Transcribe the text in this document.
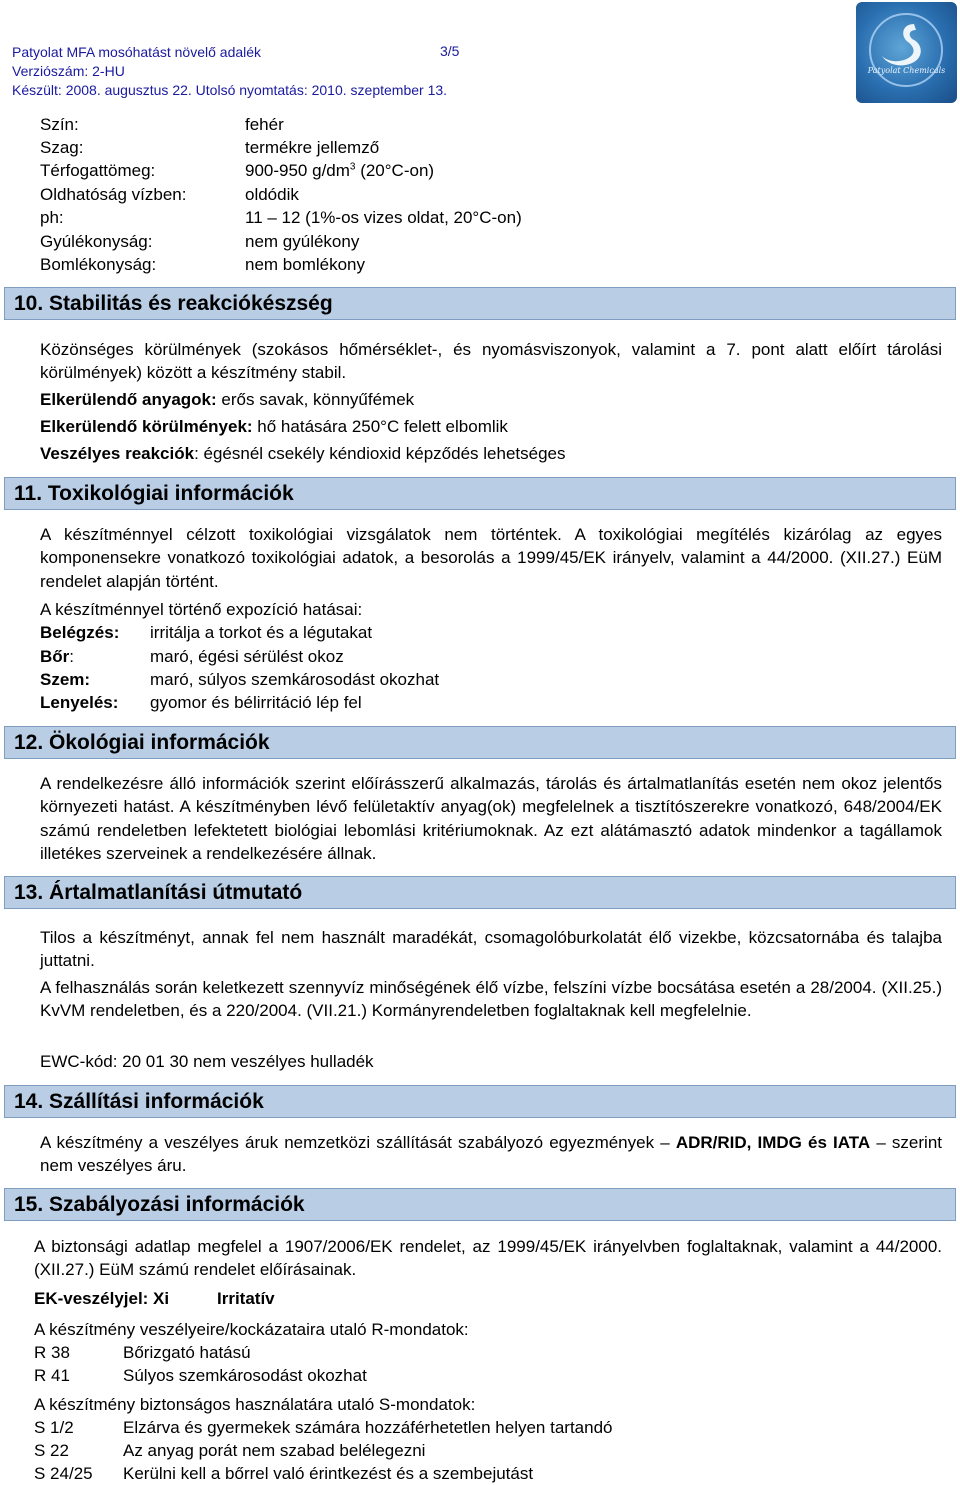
Patyolat MFA mosóhatást növelő adalék	3/5
Verziószám: 2-HU
Készült: 2008. augusztus 22. Utolsó nyomtatás: 2010. szeptember 13.
Patyolat Chemicals
Szín:	fehér
Szag:	termékre jellemző
Térfogattömeg:	900-950 $g/dm^3$ (20°C-on)
Oldhatóság vízben:	oldódik
ph:	11 – 12 (1%-os vizes oldat, 20°C-on)
Gyúlékonyság:	nem gyúlékony
Bomlékonyság:	nem bomlékony
10. Stabilitás és reakciókészség
Közönséges körülmények (szokásos hőmérséklet-, és nyomásviszonyok, valamint a 7. pont alatt előírt tárolási körülmények) között a készítmény stabil.
Elkerülendő anyagok: erős savak, könnyűfémek
Elkerülendő körülmények: hő hatására 250°C felett elbomlik
Veszélyes reakciók: égésnél csekély kéndioxid képződés lehetséges
11. Toxikológiai információk
A készítménnyel célzott toxikológiai vizsgálatok nem történtek. A toxikológiai megítélés kizárólag az egyes komponensekre vonatkozó toxikológiai adatok, a besorolás a 1999/45/EK irányelv, valamint a 44/2000. (XII.27.) EüM rendelet alapján történt.
A készítménnyel történő expozíció hatásai:
Belégzés: irritálja a torkot és a légutakat
Bőr:	maró, égési sérülést okoz
Szem:	maró, súlyos szemkárosodást okozhat
Lenyelés: gyomor és bélirritáció lép fel
12. Ökológiai információk
A rendelkezésre álló információk szerint előírásszerű alkalmazás, tárolás és ártalmatlanítás esetén nem okoz jelentős környezeti hatást. A készítményben lévő felületaktív anyag(ok) megfelelnek a tisztítószerekre vonatkozó, 648/2004/EK számú rendeletben lefektetett biológiai lebomlási kritériumoknak. Az ezt alátámasztó adatok mindenkor a tagállamok illetékes szerveinek a rendelkezésére állnak.
13. Ártalmatlanítási útmutató
Tilos a készítményt, annak fel nem használt maradékát, csomagolóburkolatát élő vizekbe, közcsatornába és talajba juttatni.
A felhasználás során keletkezett szennyvíz minőségének élő vízbe, felszíni vízbe bocsátása esetén a 28/2004. (XII.25.) KvVM rendeletben, és a 220/2004. (VII.21.) Kormányrendeletben foglaltaknak kell megfelelnie.
EWC-kód: 20 01 30 nem veszélyes hulladék
14. Szállítási információk
A készítmény a veszélyes áruk nemzetközi szállítását szabályozó egyezmények – ADR/RID, IMDG és IATA – szerint nem veszélyes áru.
15. Szabályozási információk
A biztonsági adatlap megfelel a 1907/2006/EK rendelet, az 1999/45/EK irányelvben foglaltaknak, valamint a 44/2000. (XII.27.) EüM számú rendelet előírásainak.
EK-veszélyjel: Xi	Irritatív
A készítmény veszélyeire/kockázataira utaló R-mondatok:
R 38	Bőrizgató hatású
R 41	Súlyos szemkárosodást okozhat
A készítmény biztonságos használatára utaló S-mondatok:
S 1/2	Elzárva és gyermekek számára hozzáférhetetlen helyen tartandó
S 22	Az anyag porát nem szabad belélegezni
S 24/25 Kerülni kell a bőrrel való érintkezést és a szembejutást
